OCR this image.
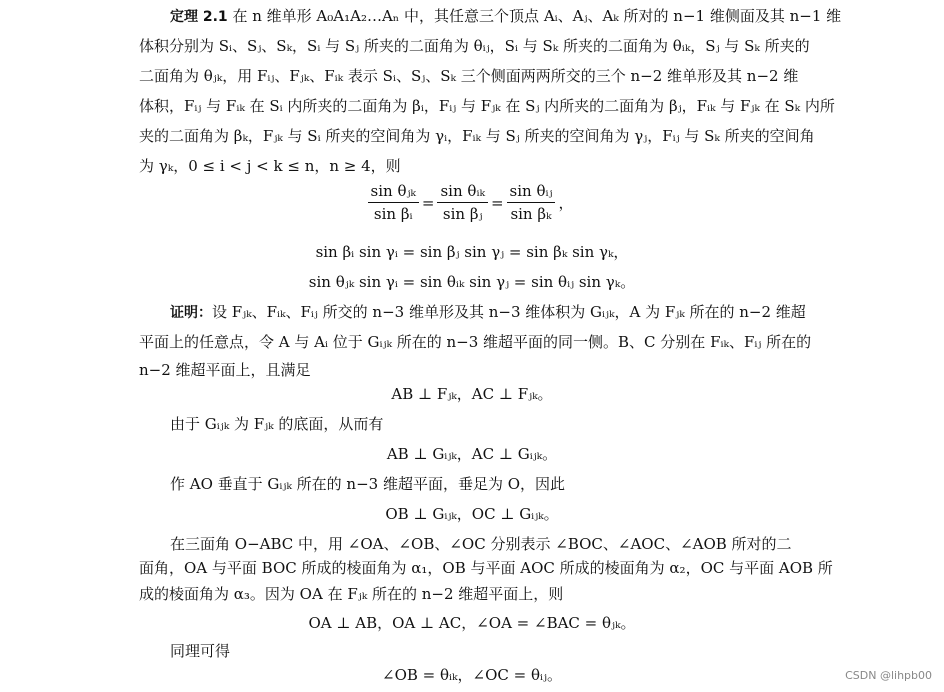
定理 2.1 在 n 维单形 A₀A₁A₂…Aₙ 中，其任意三个顶点 Aᵢ、Aⱼ、Aₖ 所对的 n−1 维侧面及其 n−1 维
体积分别为 Sᵢ、Sⱼ、Sₖ，Sᵢ 与 Sⱼ 所夹的二面角为 θᵢⱼ，Sᵢ 与 Sₖ 所夹的二面角为 θᵢₖ，Sⱼ 与 Sₖ 所夹的
二面角为 θⱼₖ，用 Fᵢⱼ、Fⱼₖ、Fᵢₖ 表示 Sᵢ、Sⱼ、Sₖ 三个侧面两两所交的三个 n−2 维单形及其 n−2 维
体积，Fᵢⱼ 与 Fᵢₖ 在 Sᵢ 内所夹的二面角为 βᵢ，Fᵢⱼ 与 Fⱼₖ 在 Sⱼ 内所夹的二面角为 βⱼ，Fᵢₖ 与 Fⱼₖ 在 Sₖ 内所
夹的二面角为 βₖ，Fⱼₖ 与 Sᵢ 所夹的空间角为 γᵢ，Fᵢₖ 与 Sⱼ 所夹的空间角为 γⱼ，Fᵢⱼ 与 Sₖ 所夹的空间角
为 γₖ，0 ≤ i < j < k ≤ n，n ≥ 4，则
sin θⱼₖ
sin βᵢ
=
sin θᵢₖ
sin βⱼ
=
sin θᵢⱼ
sin βₖ
，
sin βᵢ sin γᵢ = sin βⱼ sin γⱼ = sin βₖ sin γₖ，
sin θⱼₖ sin γᵢ = sin θᵢₖ sin γⱼ = sin θᵢⱼ sin γₖ。
证明：设 Fⱼₖ、Fᵢₖ、Fᵢⱼ 所交的 n−3 维单形及其 n−3 维体积为 Gᵢⱼₖ，A 为 Fⱼₖ 所在的 n−2 维超
平面上的任意点，令 A 与 Aᵢ 位于 Gᵢⱼₖ 所在的 n−3 维超平面的同一侧。B、C 分别在 Fᵢₖ、Fᵢⱼ 所在的
n−2 维超平面上，且满足
AB ⊥ Fⱼₖ，AC ⊥ Fⱼₖ。
由于 Gᵢⱼₖ 为 Fⱼₖ 的底面，从而有
AB ⊥ Gᵢⱼₖ，AC ⊥ Gᵢⱼₖ。
作 AO 垂直于 Gᵢⱼₖ 所在的 n−3 维超平面，垂足为 O，因此
OB ⊥ Gᵢⱼₖ，OC ⊥ Gᵢⱼₖ。
在三面角 O−ABC 中，用 ∠OA、∠OB、∠OC 分别表示 ∠BOC、∠AOC、∠AOB 所对的二
面角，OA 与平面 BOC 所成的棱面角为 α₁，OB 与平面 AOC 所成的棱面角为 α₂，OC 与平面 AOB 所
成的棱面角为 α₃。因为 OA 在 Fⱼₖ 所在的 n−2 维超平面上，则
OA ⊥ AB，OA ⊥ AC，∠OA = ∠BAC = θⱼₖ。
同理可得
∠OB = θᵢₖ，∠OC = θᵢⱼ。	CSDN @lihpb00
